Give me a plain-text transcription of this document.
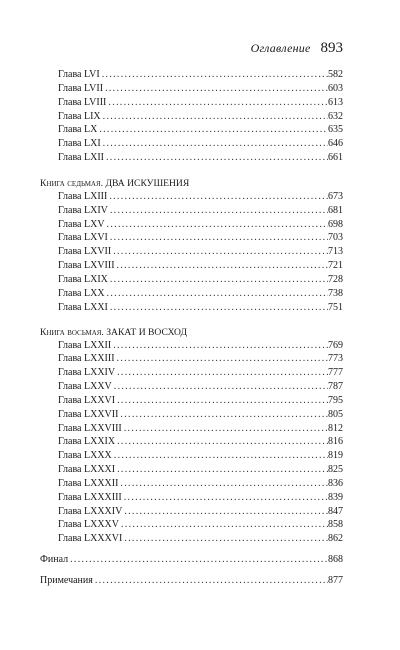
Оглавление 893
Глава LVI . . .	582
Глава LVII . . .	603
Глава LVIII . . .	613
Глава LIX . . .	632
Глава LX . . .	635
Глава LXI . . .	646
Глава LXII . . .	661
Книга седьмая. ДВА ИСКУШЕНИЯ
Глава LXIII . . .	673
Глава LXIV . . .	681
Глава LXV . . .	698
Глава LXVI . . .	703
Глава LXVII . . .	713
Глава LXVIII . . .	721
Глава LXIX . . .	728
Глава LXX . . .	738
Глава LXXI . . .	751
Книга восьмая. ЗАКАТ И ВОСХОД
Глава LXXII . . .	769
Глава LXXIII . . .	773
Глава LXXIV . . .	777
Глава LXXV . . .	787
Глава LXXVI . . .	795
Глава LXXVII . . .	805
Глава LXXVIII . . .	812
Глава LXXIX . . .	816
Глава LXXX . . .	819
Глава LXXXI . . .	825
Глава LXXXII . . .	836
Глава LXXXIII . . .	839
Глава LXXXIV . . .	847
Глава LXXXV . . .	858
Глава LXXXVI . . .	862
Финал . . .	868
Примечания . . .	877
